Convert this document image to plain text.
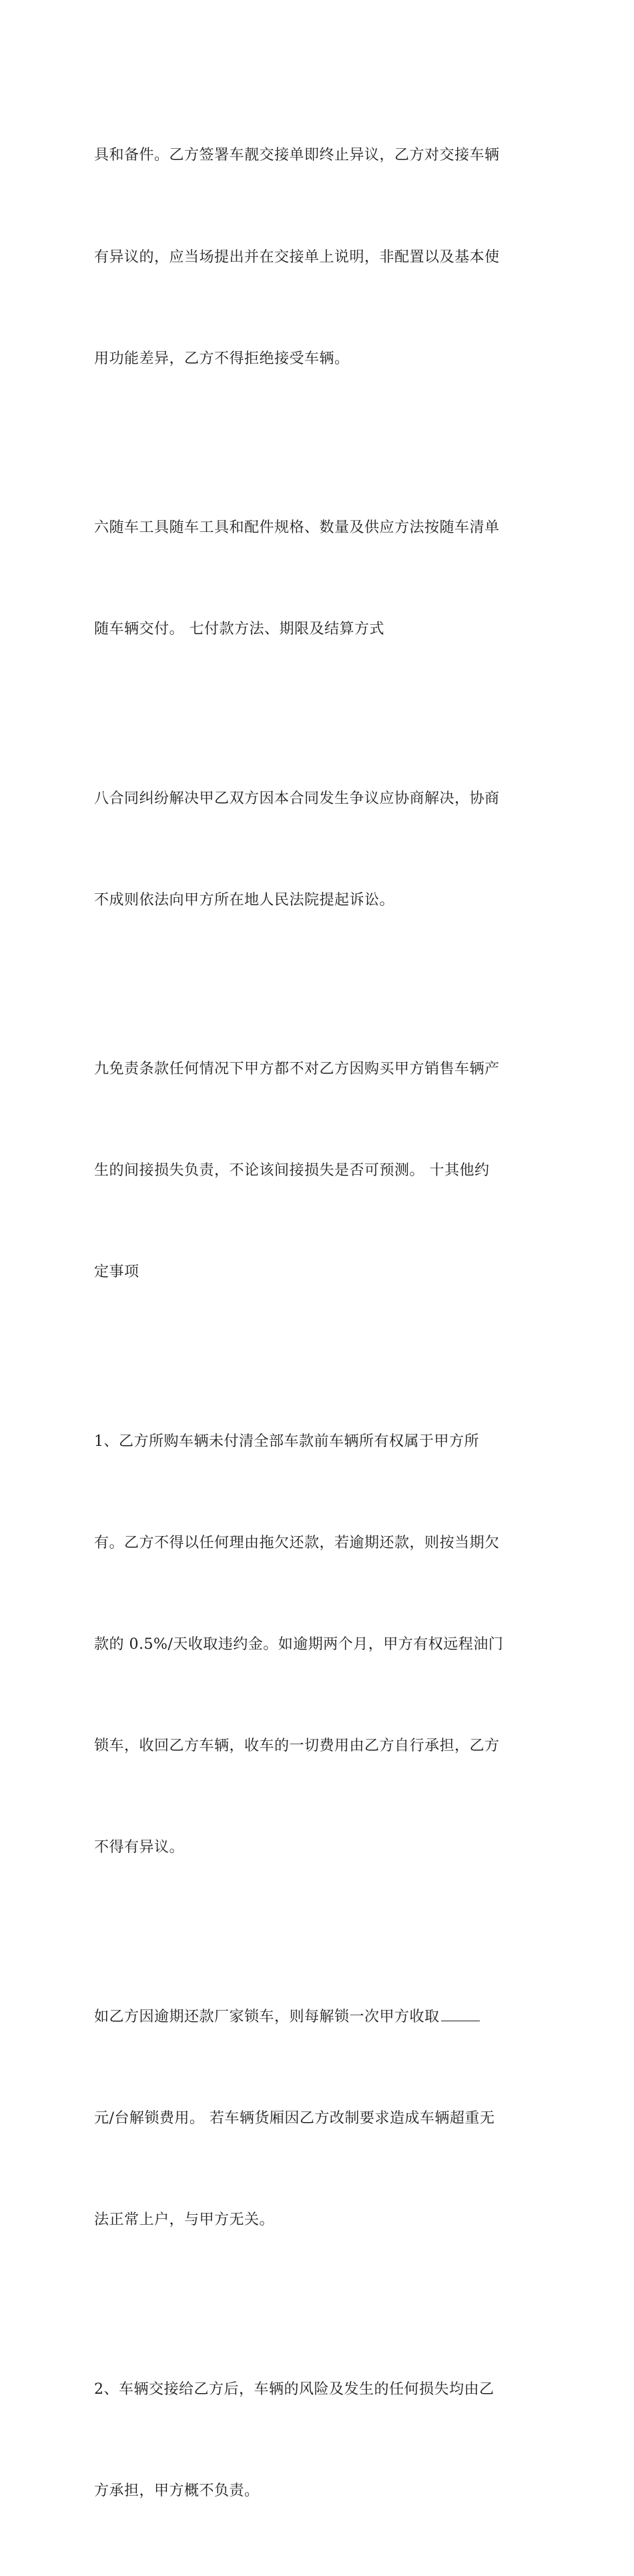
具和备件。乙方签署车靓交接单即终止异议，乙方对交接车辆

有异议的，应当场提出并在交接单上说明，非配置以及基本使

用功能差异，乙方不得拒绝接受车辆。

六随车工具随车工具和配件规格、数量及供应方法按随车清单

随车辆交付。 七付款方法、期限及结算方式

八合同纠纷解决甲乙双方因本合同发生争议应协商解决，协商

不成则依法向甲方所在地人民法院提起诉讼。

九免责条款任何情况下甲方都不对乙方因购买甲方销售车辆产

生的间接损失负责，不论该间接损失是否可预测。 十其他约

定事项

1、乙方所购车辆未付清全部车款前车辆所有权属于甲方所

有。乙方不得以任何理由拖欠还款，若逾期还款，则按当期欠

款的 0.5%/天收取违约金。如逾期两个月，甲方有权远程油门

锁车，收回乙方车辆，收车的一切费用由乙方自行承担，乙方

不得有异议。

如乙方因逾期还款厂家锁车，则每解锁一次甲方收取

元/台解锁费用。 若车辆货厢因乙方改制要求造成车辆超重无

法正常上户，与甲方无关。

2、车辆交接给乙方后，车辆的风险及发生的任何损失均由乙

方承担，甲方概不负责。
